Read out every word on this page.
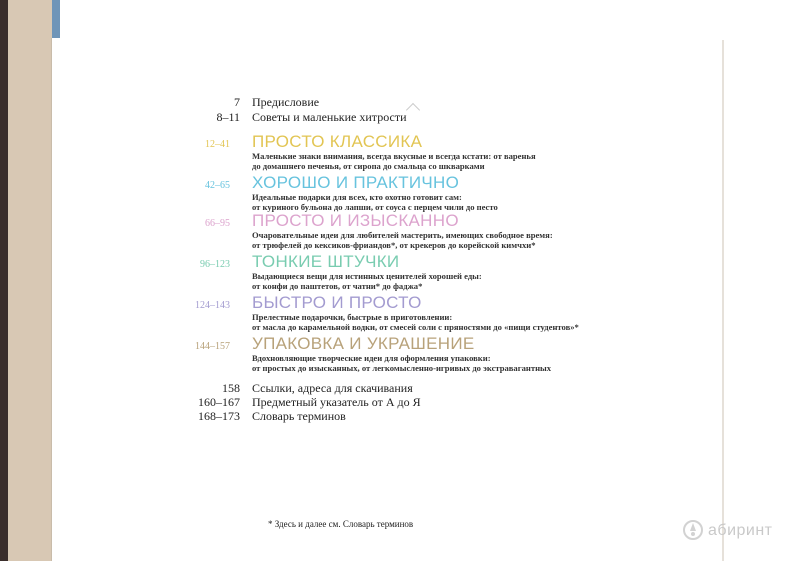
7 Предисловие
8–11 Советы и маленькие хитрости
12–41 ПРОСТО КЛАССИКА
Маленькие знаки внимания, всегда вкусные и всегда кстати: от варенья
до домашнего печенья, от сиропа до смальца со шкварками
42–65 ХОРОШО И ПРАКТИЧНО
Идеальные подарки для всех, кто охотно готовит сам:
от куриного бульона до лапши, от соуса с перцем чили до песто
66–95 ПРОСТО И ИЗЫСКАННО
Очаровательные идеи для любителей мастерить, имеющих свободное время:
от трюфелей до кексиков-фриандов*, от крекеров до корейской кимчхи*
96–123 ТОНКИЕ ШТУЧКИ
Выдающиеся вещи для истинных ценителей хорошей еды:
от конфи до паштетов, от чатни* до фаджа*
124–143 БЫСТРО И ПРОСТО
Прелестные подарочки, быстрые в приготовлении:
от масла до карамельной водки, от смесей соли с пряностями до «пищи студентов»*
144–157 УПАКОВКА И УКРАШЕНИЕ
Вдохновляющие творческие идеи для оформления упаковки:
от простых до изысканных, от легкомысленно-игривых до экстравагантных
158 Ссылки, адреса для скачивания
160–167 Предметный указатель от А до Я
168–173 Словарь терминов
* Здесь и далее см. Словарь терминов	абиринт
